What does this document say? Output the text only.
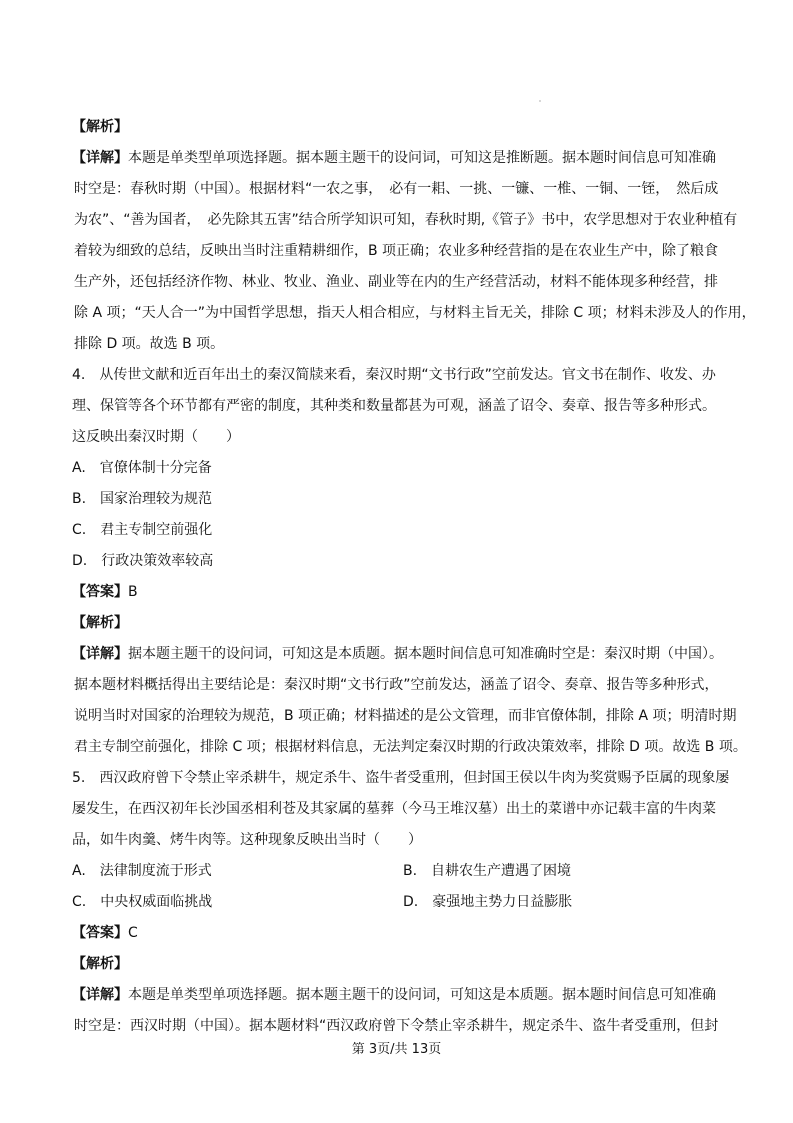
【解析】
【详解】本题是单类型单项选择题。据本题主题干的设问词，可知这是推断题。据本题时间信息可知准确
时空是：春秋时期（中国）。根据材料“一农之事，　必有一耜、一挑、一镰、一椎、一铜、一铚，　然后成
为农”、“善为国者，　必先除其五害”结合所学知识可知，春秋时期,《管子》书中，农学思想对于农业种植有
着较为细致的总结，反映出当时注重精耕细作，B 项正确；农业多种经营指的是在农业生产中，除了粮食
生产外，还包括经济作物、林业、牧业、渔业、副业等在内的生产经营活动，材料不能体现多种经营，排
除 A 项；“天人合一”为中国哲学思想，指天人相合相应，与材料主旨无关，排除 C 项；材料未涉及人的作用，
排除 D 项。故选 B 项。
4.　从传世文献和近百年出土的秦汉简牍来看，秦汉时期“文书行政”空前发达。官文书在制作、收发、办
理、保管等各个环节都有严密的制度，其种类和数量都甚为可观，涵盖了诏令、奏章、报告等多种形式。
这反映出秦汉时期（　　）
A.　官僚体制十分完备
B.　国家治理较为规范
C.　君主专制空前强化
D.　行政决策效率较高
【答案】B
【解析】
【详解】据本题主题干的设问词，可知这是本质题。据本题时间信息可知准确时空是：秦汉时期（中国）。
据本题材料概括得出主要结论是：秦汉时期“文书行政”空前发达，涵盖了诏令、奏章、报告等多种形式，
说明当时对国家的治理较为规范，B 项正确；材料描述的是公文管理，而非官僚体制，排除 A 项；明清时期
君主专制空前强化，排除 C 项；根据材料信息，无法判定秦汉时期的行政决策效率，排除 D 项。故选 B 项。
5.　西汉政府曾下令禁止宰杀耕牛，规定杀牛、盗牛者受重刑，但封国王侯以牛肉为奖赏赐予臣属的现象屡
屡发生，在西汉初年长沙国丞相利苍及其家属的墓葬（今马王堆汉墓）出土的菜谱中亦记载丰富的牛肉菜
品，如牛肉羹、烤牛肉等。这种现象反映出当时（　　）
A.　法律制度流于形式	B.　自耕农生产遭遇了困境
C.　中央权威面临挑战	D.　豪强地主势力日益膨胀
【答案】C
【解析】
【详解】本题是单类型单项选择题。据本题主题干的设问词，可知这是本质题。据本题时间信息可知准确
时空是：西汉时期（中国）。据本题材料“西汉政府曾下令禁止宰杀耕牛，规定杀牛、盗牛者受重刑，但封
第 3页/共 13页
